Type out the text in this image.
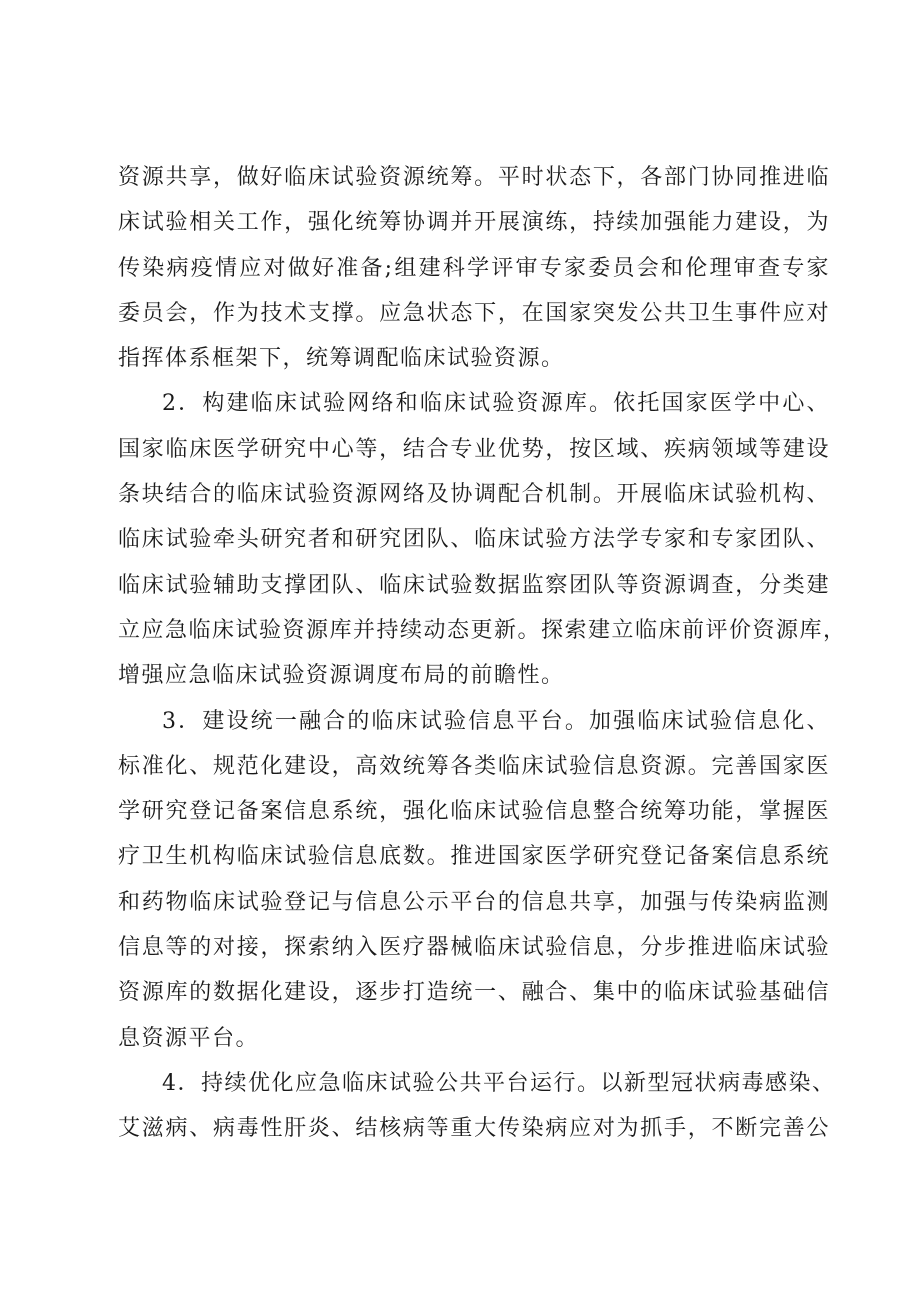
资源共享，做好临床试验资源统筹。平时状态下，各部门协同推进临
床试验相关工作，强化统筹协调并开展演练，持续加强能力建设，为
传染病疫情应对做好准备;组建科学评审专家委员会和伦理审查专家
委员会，作为技术支撑。应急状态下，在国家突发公共卫生事件应对
指挥体系框架下，统筹调配临床试验资源。
2．构建临床试验网络和临床试验资源库。依托国家医学中心、
国家临床医学研究中心等，结合专业优势，按区域、疾病领域等建设
条块结合的临床试验资源网络及协调配合机制。开展临床试验机构、
临床试验牵头研究者和研究团队、临床试验方法学专家和专家团队、
临床试验辅助支撑团队、临床试验数据监察团队等资源调查，分类建
立应急临床试验资源库并持续动态更新。探索建立临床前评价资源库，
增强应急临床试验资源调度布局的前瞻性。
3．建设统一融合的临床试验信息平台。加强临床试验信息化、
标准化、规范化建设，高效统筹各类临床试验信息资源。完善国家医
学研究登记备案信息系统，强化临床试验信息整合统筹功能，掌握医
疗卫生机构临床试验信息底数。推进国家医学研究登记备案信息系统
和药物临床试验登记与信息公示平台的信息共享，加强与传染病监测
信息等的对接，探索纳入医疗器械临床试验信息，分步推进临床试验
资源库的数据化建设，逐步打造统一、融合、集中的临床试验基础信
息资源平台。
4．持续优化应急临床试验公共平台运行。以新型冠状病毒感染、
艾滋病、病毒性肝炎、结核病等重大传染病应对为抓手，不断完善公
